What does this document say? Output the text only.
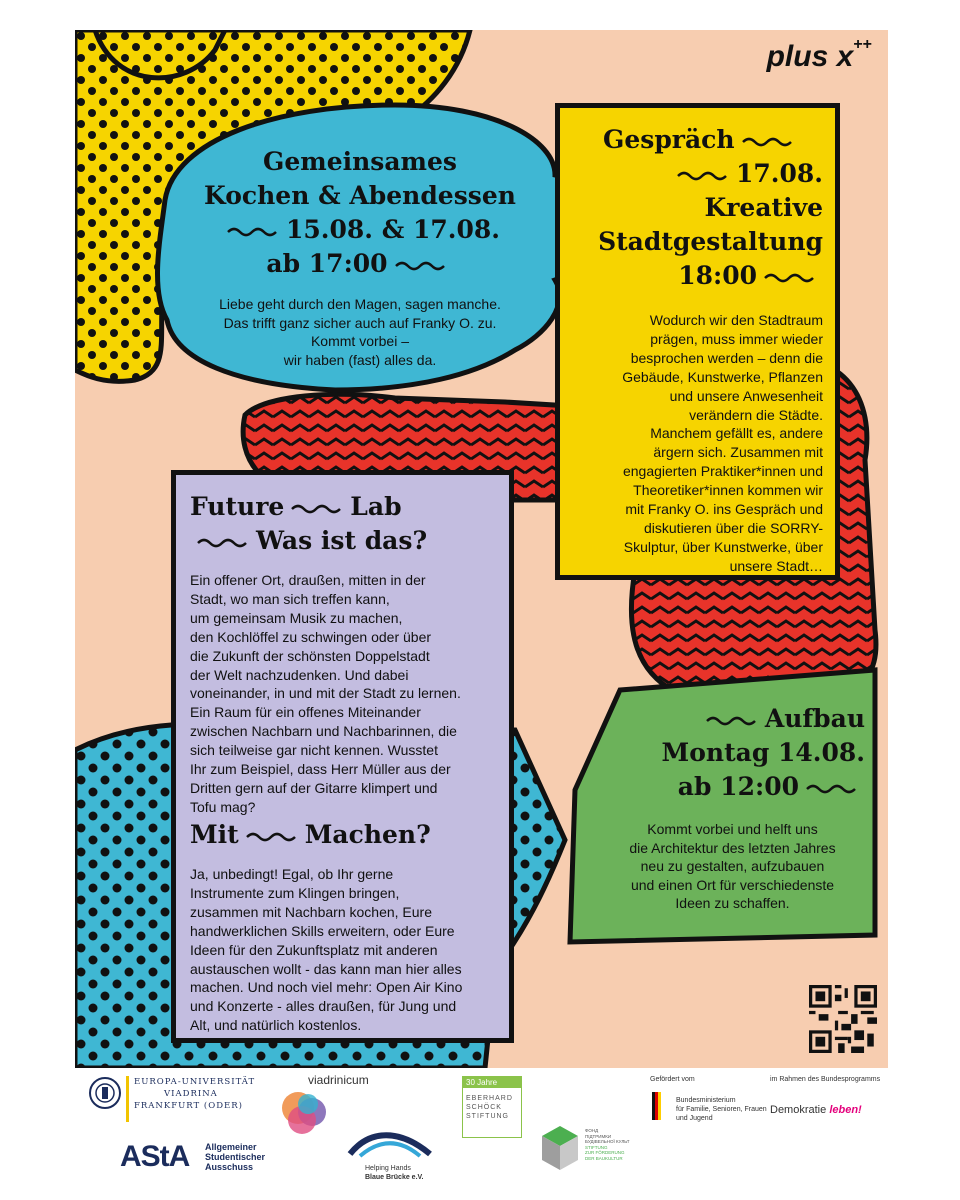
plus x++

Gemeinsames

Kochen & Abendessen

15.08. & 17.08.

ab 17:00

Liebe geht durch den Magen, sagen manche.
Das trifft ganz sicher auch auf Franky O. zu.
Kommt vorbei –
wir haben (fast) alles da.

Gespräch

17.08.

Kreative

Stadtgestaltung

18:00

Wodurch wir den Stadtraum
prägen, muss immer wieder
besprochen werden – denn die
Gebäude, Kunstwerke, Pflanzen
und unsere Anwesenheit
verändern die Städte.
Manchem gefällt es, andere
ärgern sich. Zusammen mit
engagierten Praktiker*innen und
Theoretiker*innen kommen wir
mit Franky O. ins Gespräch und
diskutieren über die SORRY-
Skulptur, über Kunstwerke, über
unsere Stadt…

Future	Lab

Was ist das?

Ein offener Ort, draußen, mitten in der
Stadt, wo man sich treffen kann,
um gemeinsam Musik zu machen,
den Kochlöffel zu schwingen oder über
die Zukunft der schönsten Doppelstadt
der Welt nachzudenken. Und dabei
voneinander, in und mit der Stadt zu lernen.
Ein Raum für ein offenes Miteinander
zwischen Nachbarn und Nachbarinnen, die
sich teilweise gar nicht kennen. Wusstet
Ihr zum Beispiel, dass Herr Müller aus der
Dritten gern auf der Gitarre klimpert und
Tofu mag?

Mit	Machen?

Ja, unbedingt! Egal, ob Ihr gerne
Instrumente zum Klingen bringen,
zusammen mit Nachbarn kochen, Eure
handwerklichen Skills erweitern, oder Eure
Ideen für den Zukunftsplatz mit anderen
austauschen wollt - das kann man hier alles
machen. Und noch viel mehr: Open Air Kino
und Konzerte - alles draußen, für Jung und
Alt, und natürlich kostenlos.

Aufbau

Montag 14.08.

ab 12:00

Kommt vorbei und helft uns
die Architektur des letzten Jahres
neu zu gestalten, aufzubauen
und einen Ort für verschiedenste
Ideen zu schaffen.
EUROPA-UNIVERSITÄT
VIADRINA
FRANKFURT (ODER)
viadrinicum	30 Jahre
EBERHARD
SCHÖCK
STIFTUNG
Gefördert vom
Bundesministerium
für Familie, Senioren, Frauen
und Jugend
im Rahmen des Bundesprogramms
Demokratie leben!
AStA Allgemeiner
Studentischer
Ausschuss	Helping Hands
Blaue Brücke e.V.
ФОНД
ПІДТРИМКИ
БУДІВЕЛЬНОЇ КУЛЬТ
STIFTUNG
ZUR FÖRDERUNG
DER BAUKULTUR
